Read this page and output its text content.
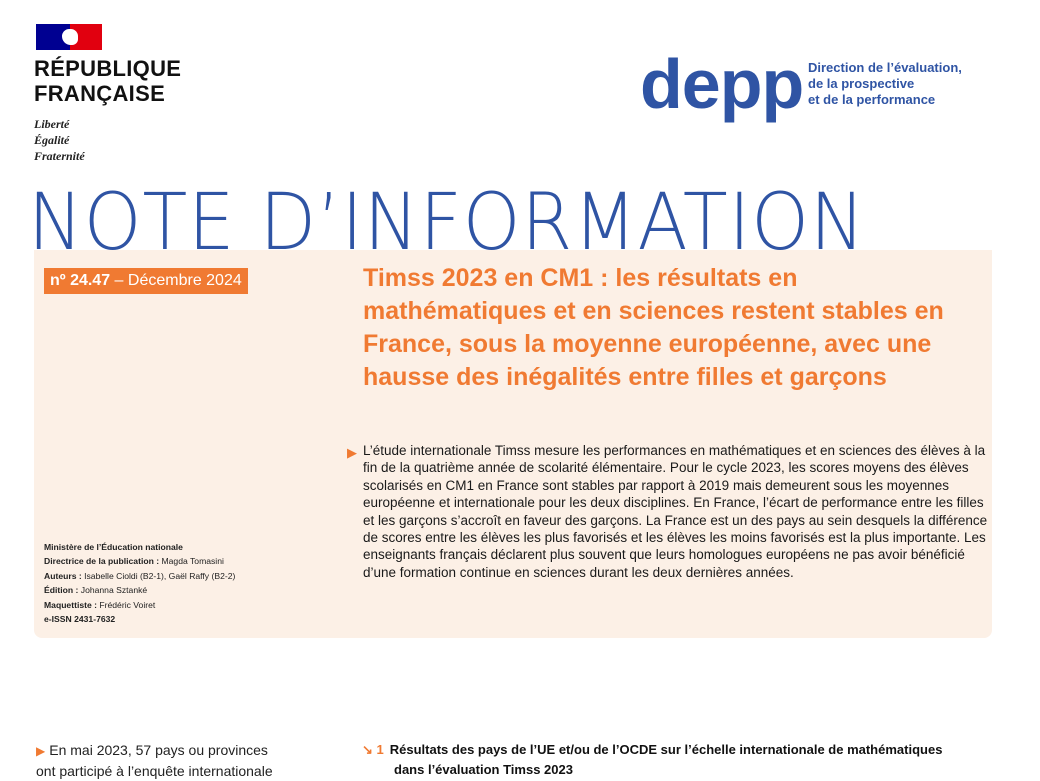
RÉPUBLIQUE
FRANÇAISE
Liberté
Égalité
Fraternité
depp Direction de l’évaluation,
de la prospective
et de la performance
NOTE D’INFORMATION
nº 24.47 – Décembre 2024	Timss 2023 en CM1 : les résultats en mathématiques et en sciences restent stables en France, sous la moyenne européenne, avec une hausse des inégalités entre filles et garçons
▶ L’étude internationale Timss mesure les performances en mathématiques et en sciences des élèves à la fin de la quatrième année de scolarité élémentaire. Pour le cycle 2023, les scores moyens des élèves scolarisés en CM1 en France sont stables par rapport à 2019 mais demeurent sous les moyennes européenne et internationale pour les deux disciplines. En France, l’écart de performance entre les filles et les garçons s’accroît en faveur des garçons. La France est un des pays au sein desquels la différence de scores entre les élèves les plus favorisés et les élèves les moins favorisés est la plus importante. Les enseignants français déclarent plus souvent que leurs homologues européens ne pas avoir bénéficié d’une formation continue en sciences durant les deux dernières années.
Ministère de l’Éducation nationale
Directrice de la publication : Magda Tomasini
Auteurs : Isabelle Cioldi (B2-1), Gaël Raffy (B2-2)
Édition : Johanna Sztanké
Maquettiste : Frédéric Voiret
e-ISSN 2431-7632
▶ En mai 2023, 57 pays ou provinces
ont participé à l’enquête internationale
↘ 1 Résultats des pays de l’UE et/ou de l’OCDE sur l’échelle internationale de mathématiques
dans l’évaluation Timss 2023
